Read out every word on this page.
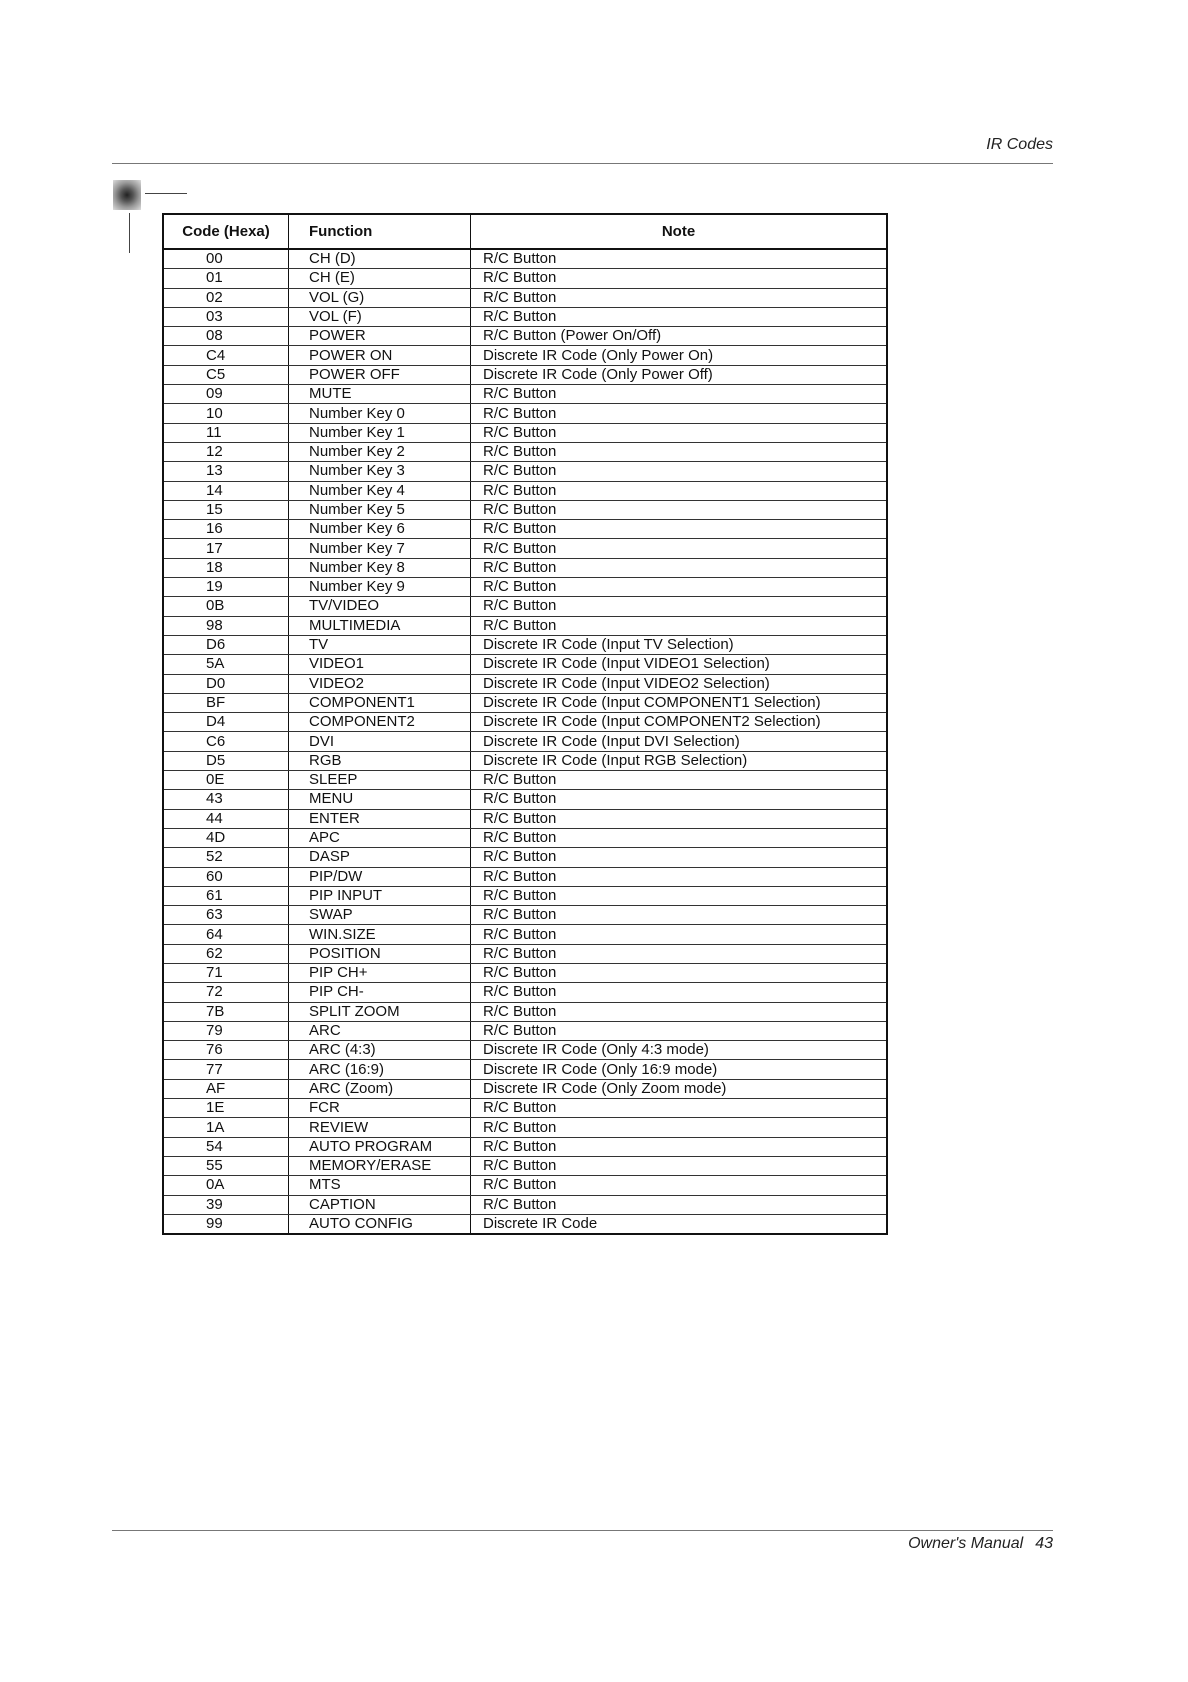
IR Codes
Code (Hexa)	Function	Note
00	CH (D)	R/C Button
01	CH (E)	R/C Button
02	VOL (G)	R/C Button
03	VOL (F)	R/C Button
08	POWER	R/C Button (Power On/Off)
C4	POWER ON	Discrete IR Code (Only Power On)
C5	POWER OFF	Discrete IR Code (Only Power Off)
09	MUTE	R/C Button
10	Number Key 0	R/C Button
11	Number Key 1	R/C Button
12	Number Key 2	R/C Button
13	Number Key 3	R/C Button
14	Number Key 4	R/C Button
15	Number Key 5	R/C Button
16	Number Key 6	R/C Button
17	Number Key 7	R/C Button
18	Number Key 8	R/C Button
19	Number Key 9	R/C Button
0B	TV/VIDEO	R/C Button
98	MULTIMEDIA	R/C Button
D6	TV	Discrete IR Code (Input TV Selection)
5A	VIDEO1	Discrete IR Code (Input VIDEO1 Selection)
D0	VIDEO2	Discrete IR Code (Input VIDEO2 Selection)
BF	COMPONENT1	Discrete IR Code (Input COMPONENT1 Selection)
D4	COMPONENT2	Discrete IR Code (Input COMPONENT2 Selection)
C6	DVI	Discrete IR Code (Input DVI Selection)
D5	RGB	Discrete IR Code (Input RGB Selection)
0E	SLEEP	R/C Button
43	MENU	R/C Button
44	ENTER	R/C Button
4D	APC	R/C Button
52	DASP	R/C Button
60	PIP/DW	R/C Button
61	PIP INPUT	R/C Button
63	SWAP	R/C Button
64	WIN.SIZE	R/C Button
62	POSITION	R/C Button
71	PIP CH+	R/C Button
72	PIP CH-	R/C Button
7B	SPLIT ZOOM	R/C Button
79	ARC	R/C Button
76	ARC (4:3)	Discrete IR Code (Only 4:3 mode)
77	ARC (16:9)	Discrete IR Code (Only 16:9 mode)
AF	ARC (Zoom)	Discrete IR Code (Only Zoom mode)
1E	FCR	R/C Button
1A	REVIEW	R/C Button
54	AUTO PROGRAM	R/C Button
55	MEMORY/ERASE	R/C Button
0A	MTS	R/C Button
39	CAPTION	R/C Button
99	AUTO CONFIG	Discrete IR Code
Owner's Manual 43
